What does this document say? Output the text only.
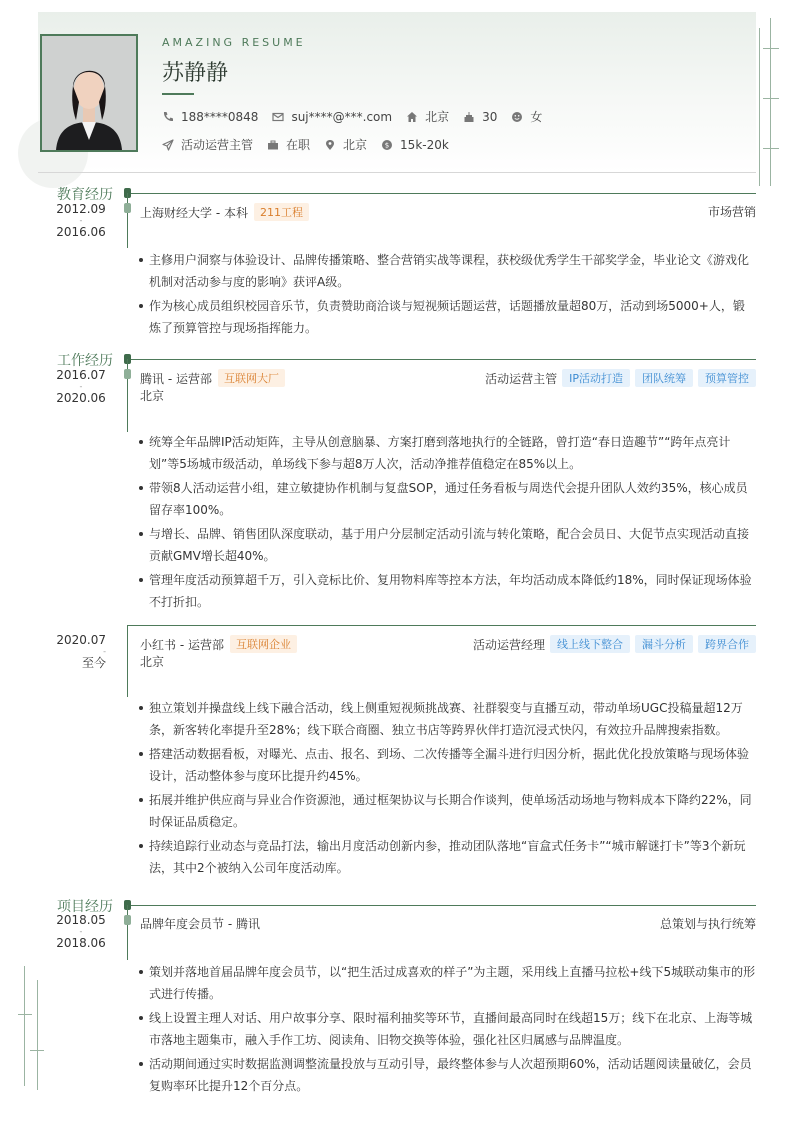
AMAZING RESUME
苏静静
188****0848	suj****@***.com	北京	30	女
活动运营主管	在职	北京	$ 15k-20k
教育经历
2012.09
-
2016.06
上海财经大学 - 本科	211工程	市场营销
主修用户洞察与体验设计、品牌传播策略、整合营销实战等课程，获校级优秀学生干部奖学金，毕业论文《游戏化机制对活动参与度的影响》获评A级。
作为核心成员组织校园音乐节，负责赞助商洽谈与短视频话题运营，话题播放量超80万，活动到场5000+人，锻炼了预算管控与现场指挥能力。
工作经历
2016.07
-
2020.06
腾讯 - 运营部	互联网大厂	活动运营主管	IP活动打造	团队统筹	预算管控
北京
统筹全年品牌IP活动矩阵，主导从创意脑暴、方案打磨到落地执行的全链路，曾打造“春日造趣节”“跨年点亮计划”等5场城市级活动，单场线下参与超8万人次，活动净推荐值稳定在85%以上。
带领8人活动运营小组，建立敏捷协作机制与复盘SOP，通过任务看板与周迭代会提升团队人效约35%，核心成员留存率100%。
与增长、品牌、销售团队深度联动，基于用户分层制定活动引流与转化策略，配合会员日、大促节点实现活动直接贡献GMV增长超40%。
管理年度活动预算超千万，引入竞标比价、复用物料库等控本方法，年均活动成本降低约18%，同时保证现场体验不打折扣。
2020.07
-
至今
小红书 - 运营部	互联网企业	活动运营经理	线上线下整合	漏斗分析	跨界合作
北京
独立策划并操盘线上线下融合活动，线上侧重短视频挑战赛、社群裂变与直播互动，带动单场UGC投稿量超12万条，新客转化率提升至28%；线下联合商圈、独立书店等跨界伙伴打造沉浸式快闪，有效拉升品牌搜索指数。
搭建活动数据看板，对曝光、点击、报名、到场、二次传播等全漏斗进行归因分析，据此优化投放策略与现场体验设计，活动整体参与度环比提升约45%。
拓展并维护供应商与异业合作资源池，通过框架协议与长期合作谈判，使单场活动场地与物料成本下降约22%，同时保证品质稳定。
持续追踪行业动态与竞品打法，输出月度活动创新内参，推动团队落地“盲盒式任务卡”“城市解谜打卡”等3个新玩法，其中2个被纳入公司年度活动库。
项目经历
2018.05
-
2018.06
品牌年度会员节 - 腾讯	总策划与执行统筹
策划并落地首届品牌年度会员节，以“把生活过成喜欢的样子”为主题，采用线上直播马拉松+线下5城联动集市的形式进行传播。
线上设置主理人对话、用户故事分享、限时福利抽奖等环节，直播间最高同时在线超15万；线下在北京、上海等城市落地主题集市，融入手作工坊、阅读角、旧物交换等体验，强化社区归属感与品牌温度。
活动期间通过实时数据监测调整流量投放与互动引导，最终整体参与人次超预期60%，活动话题阅读量破亿，会员复购率环比提升12个百分点。
